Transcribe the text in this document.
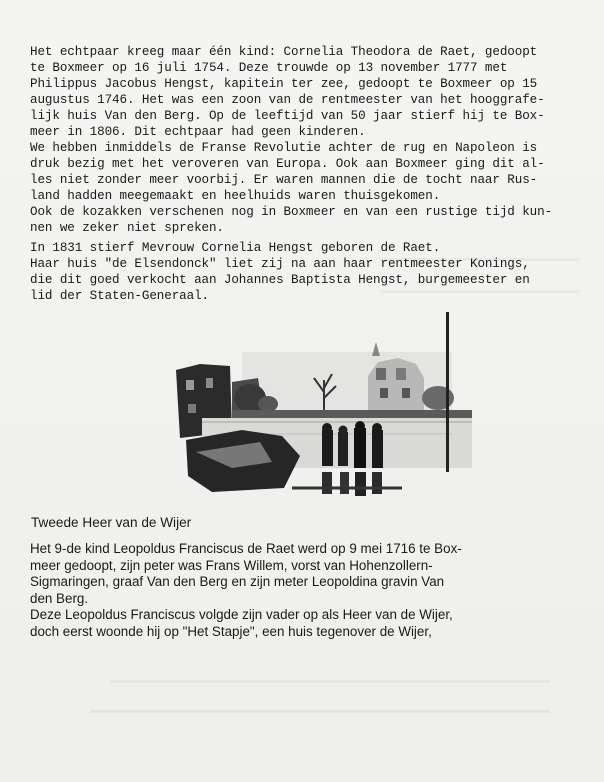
Het echtpaar kreeg maar één kind: Cornelia Theodora de Raet, gedoopt

te Boxmeer op 16 juli 1754. Deze trouwde op 13 november 1777 met

Philippus Jacobus Hengst, kapitein ter zee, gedoopt te Boxmeer op 15

augustus 1746. Het was een zoon van de rentmeester van het hooggrafe-

lijk huis Van den Berg. Op de leeftijd van 50 jaar stierf hij te Box-

meer in 1806. Dit echtpaar had geen kinderen.

We hebben inmiddels de Franse Revolutie achter de rug en Napoleon is

druk bezig met het veroveren van Europa. Ook aan Boxmeer ging dit al-

les niet zonder meer voorbij. Er waren mannen die de tocht naar Rus-

land hadden meegemaakt en heelhuids waren thuisgekomen.

Ook de kozakken verschenen nog in Boxmeer en van een rustige tijd kun-

nen we zeker niet spreken.

In 1831 stierf Mevrouw Cornelia Hengst geboren de Raet.

Haar huis "de Elsendonck" liet zij na aan haar rentmeester Konings,

die dit goed verkocht aan Johannes Baptista Hengst, burgemeester en

lid der Staten-Generaal.

Tweede Heer van de Wijer

Het 9-de kind Leopoldus Franciscus de Raet werd op 9 mei 1716 te Box-

meer gedoopt, zijn peter was Frans Willem, vorst van Hohenzollern-

Sigmaringen, graaf Van den Berg en zijn meter Leopoldina gravin Van

den Berg.

Deze Leopoldus Franciscus volgde zijn vader op als Heer van de Wijer,

doch eerst woonde hij op "Het Stapje", een huis tegenover de Wijer,
